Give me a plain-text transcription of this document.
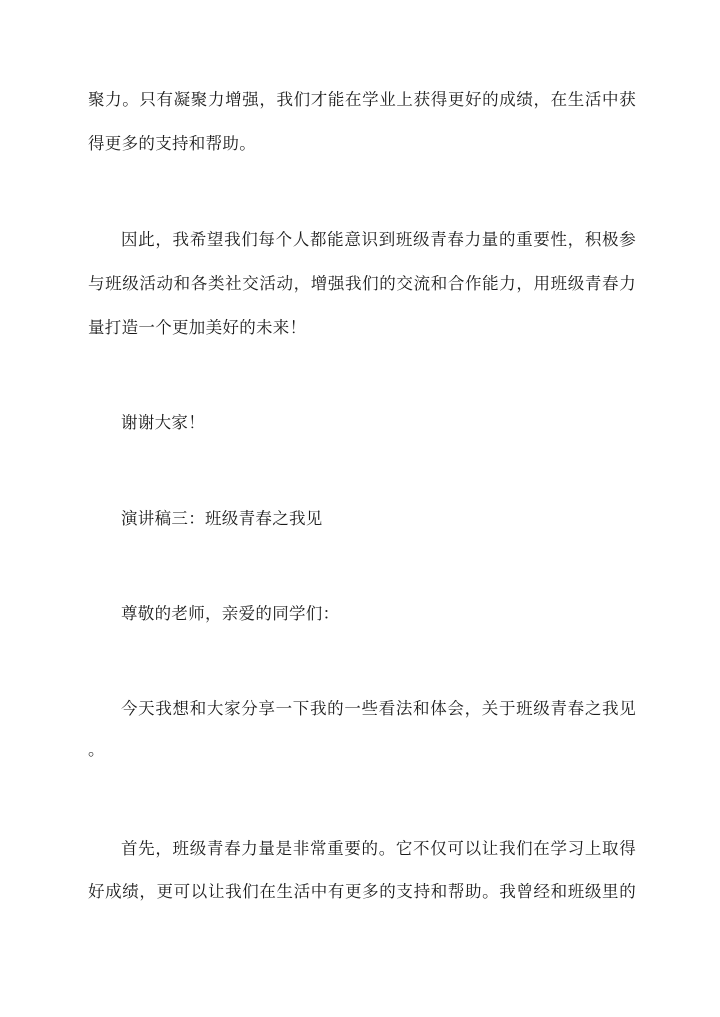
聚力。只有凝聚力增强，我们才能在学业上获得更好的成绩，在生活中获
得更多的支持和帮助。
因此，我希望我们每个人都能意识到班级青春力量的重要性，积极参
与班级活动和各类社交活动，增强我们的交流和合作能力，用班级青春力
量打造一个更加美好的未来！
谢谢大家！
演讲稿三：班级青春之我见
尊敬的老师，亲爱的同学们：
今天我想和大家分享一下我的一些看法和体会，关于班级青春之我见
。
首先，班级青春力量是非常重要的。它不仅可以让我们在学习上取得
好成绩，更可以让我们在生活中有更多的支持和帮助。我曾经和班级里的
